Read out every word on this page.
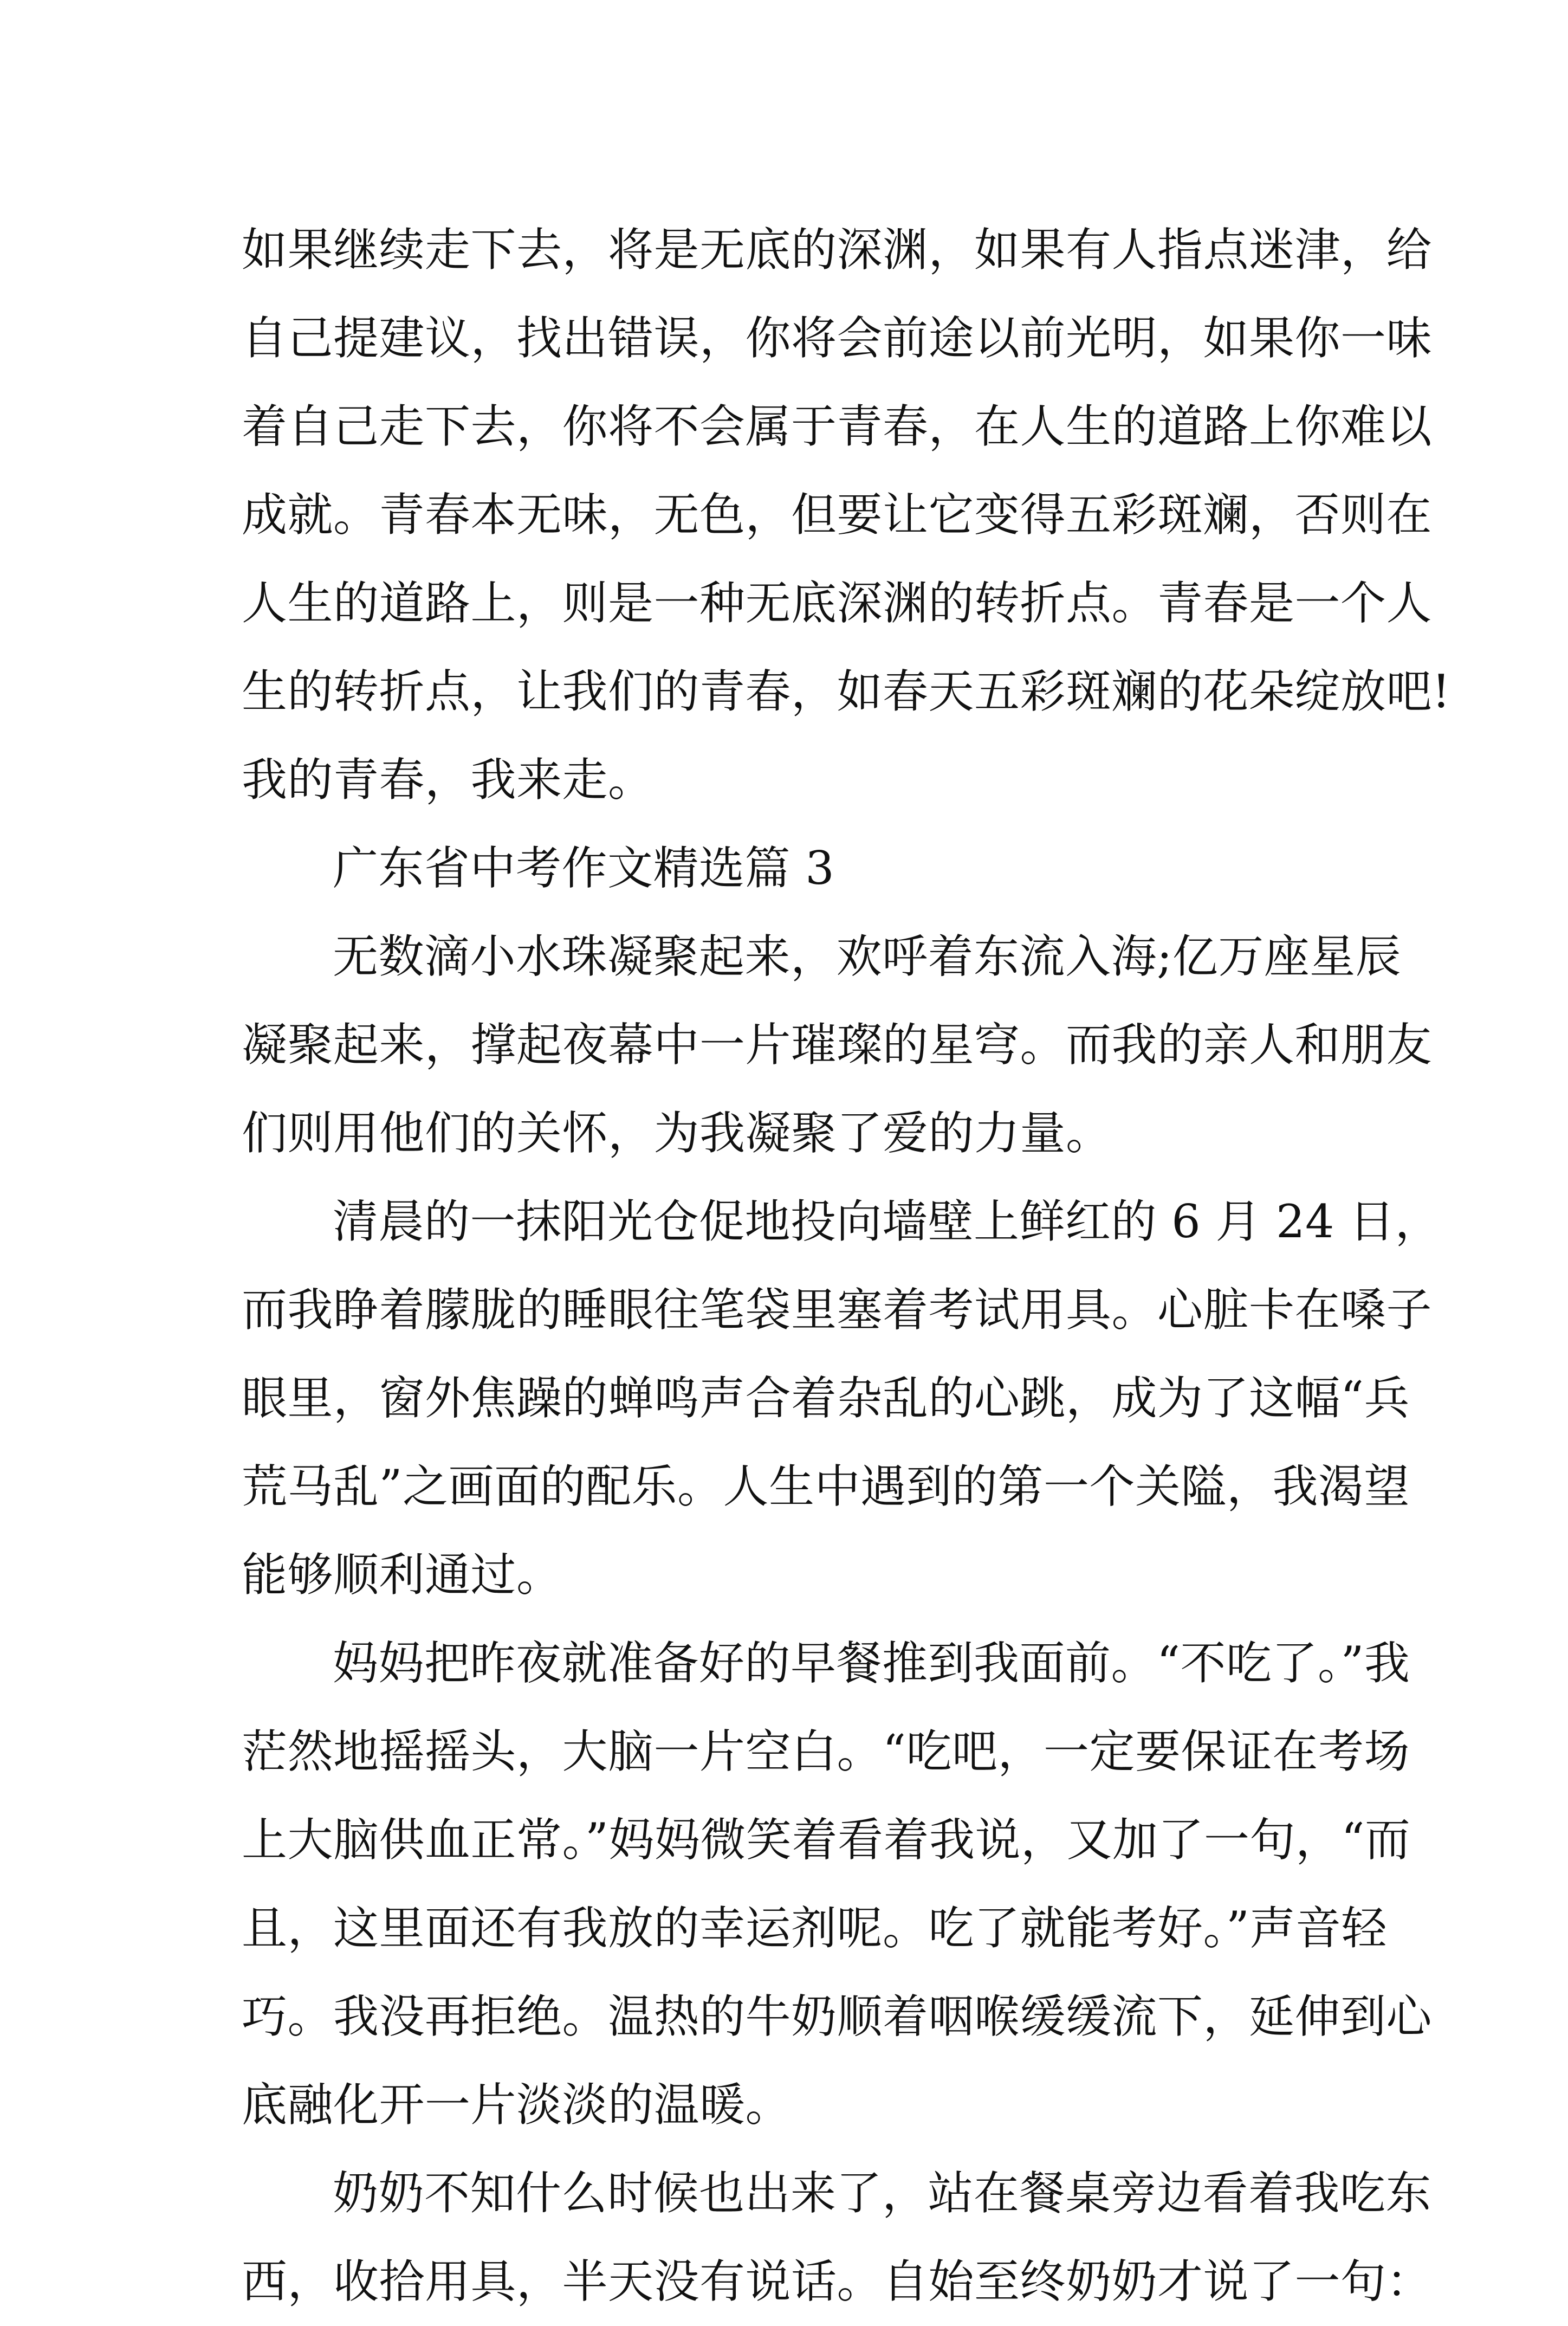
如果继续走下去，将是无底的深渊，如果有人指点迷津，给
自己提建议，找出错误，你将会前途以前光明，如果你一味
着自己走下去，你将不会属于青春，在人生的道路上你难以
成就。青春本无味，无色，但要让它变得五彩斑斓，否则在
人生的道路上，则是一种无底深渊的转折点。青春是一个人
生的转折点，让我们的青春，如春天五彩斑斓的花朵绽放吧!
我的青春，我来走。
广东省中考作文精选篇 3
无数滴小水珠凝聚起来，欢呼着东流入海;亿万座星辰
凝聚起来，撑起夜幕中一片璀璨的星穹。而我的亲人和朋友
们则用他们的关怀，为我凝聚了爱的力量。
清晨的一抹阳光仓促地投向墙壁上鲜红的 6 月 24 日，
而我睁着朦胧的睡眼往笔袋里塞着考试用具。心脏卡在嗓子
眼里，窗外焦躁的蝉鸣声合着杂乱的心跳，成为了这幅“兵
荒马乱”之画面的配乐。人生中遇到的第一个关隘，我渴望
能够顺利通过。
妈妈把昨夜就准备好的早餐推到我面前。“不吃了。”我
茫然地摇摇头，大脑一片空白。“吃吧，一定要保证在考场
上大脑供血正常。”妈妈微笑着看着我说，又加了一句，“而
且，这里面还有我放的幸运剂呢。吃了就能考好。”声音轻
巧。我没再拒绝。温热的牛奶顺着咽喉缓缓流下，延伸到心
底融化开一片淡淡的温暖。
奶奶不知什么时候也出来了，站在餐桌旁边看着我吃东
西，收拾用具，半天没有说话。自始至终奶奶才说了一句：
